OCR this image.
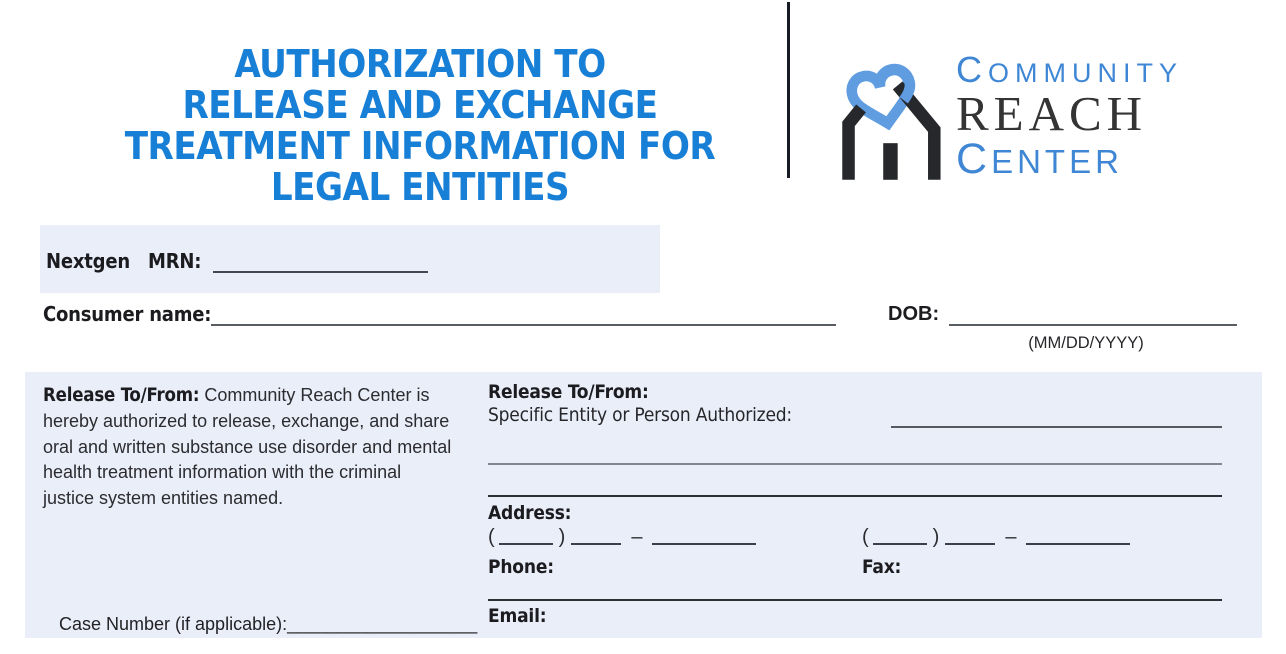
AUTHORIZATION TO
RELEASE AND EXCHANGE
TREATMENT INFORMATION FOR
LEGAL ENTITIES
COMMUNITY
REACH
CENTER
Nextgen MRN:
Consumer name:	DOB:
(MM/DD/YYYY)
Release To/From: Community Reach Center is hereby authorized to release, exchange, and share oral and written substance use disorder and mental health treatment information with the criminal justice system entities named.
Case Number (if applicable):___________________
Release To/From:
Specific Entity or Person Authorized:
Address:
(	)	–
Phone:
(	)	–
Fax:
Email:
